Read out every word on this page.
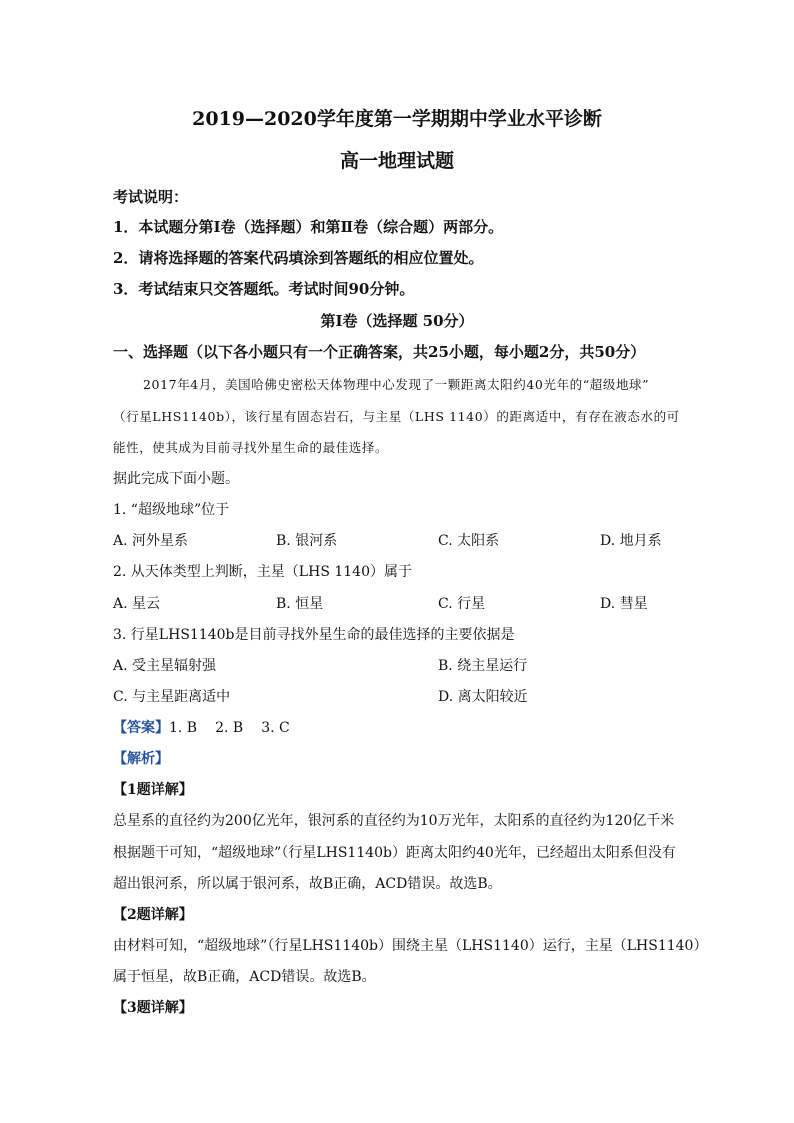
2019—2020学年度第一学期期中学业水平诊断
高一地理试题
考试说明：
1．本试题分第Ⅰ卷（选择题）和第Ⅱ卷（综合题）两部分。
2．请将选择题的答案代码填涂到答题纸的相应位置处。
3．考试结束只交答题纸。考试时间90分钟。
第Ⅰ卷（选择题 50分）
一、选择题（以下各小题只有一个正确答案，共25小题，每小题2分，共50分）
2017年4月，美国哈佛史密松天体物理中心发现了一颗距离太阳约40光年的“超级地球”
（行星LHS1140b），该行星有固态岩石，与主星（LHS 1140）的距离适中，有存在液态水的可
能性，使其成为目前寻找外星生命的最佳选择。
据此完成下面小题。
1. “超级地球”位于
A. 河外星系	B. 银河系	C. 太阳系	D. 地月系
2. 从天体类型上判断，主星（LHS 1140）属于
A. 星云	B. 恒星	C. 行星	D. 彗星
3. 行星LHS1140b是目前寻找外星生命的最佳选择的主要依据是
A. 受主星辐射强	B. 绕主星运行
C. 与主星距离适中	D. 离太阳较近
【答案】1. B 2. B 3. C
【解析】
【1题详解】
总星系的直径约为200亿光年，银河系的直径约为10万光年，太阳系的直径约为120亿千米
根据题干可知，“超级地球”（行星LHS1140b）距离太阳约40光年，已经超出太阳系但没有
超出银河系，所以属于银河系，故B正确，ACD错误。故选B。
【2题详解】
由材料可知，“超级地球”（行星LHS1140b）围绕主星（LHS1140）运行，主星（LHS1140）
属于恒星，故B正确，ACD错误。故选B。
【3题详解】
